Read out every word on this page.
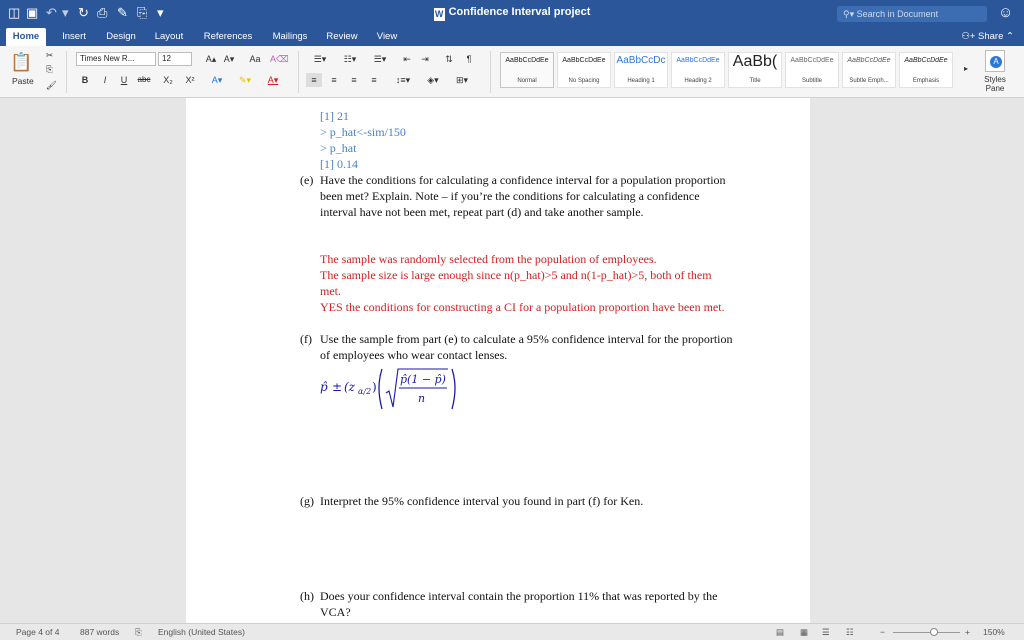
◫ ▣ ↶ ▾ ↻ ⎙ ✎ ⎘ ▾	W Confidence Interval project	⚲▾ Search in Document	☺
Home	Insert	Design	Layout	References	Mailings	Review	View	⚇+ Share ⌃
📋
Paste
✂
⎘
🖌
Times New R...	12	A▴ A▾	Aa	A⌫
B	I	U	abc	X₂	X²	A▾	✎▾	A▾
☰▾	☷▾	☰▾	⇤	⇥	⇅	¶
≡	≡	≡	≡	↕≡▾	◈▾	⊞▾
AaBbCcDdEe
Normal
AaBbCcDdEe
No Spacing
AaBbCcDc
Heading 1
AaBbCcDdEe
Heading 2
AaBb(
Title
AaBbCcDdEe
Subtitle
AaBbCcDdEe
Subtle Emph...
AaBbCcDdEe
Emphasis
▸
A
Styles Pane
[1] 21
> p_hat<-sim/150
> p_hat
[1] 0.14
(e) Have the conditions for calculating a confidence interval for a population proportion
been met? Explain. Note – if you’re the conditions for calculating a confidence
interval have not been met, repeat part (d) and take another sample.
The sample was randomly selected from the population of employees.
The sample size is large enough since n(p_hat)>5 and n(1-p_hat)>5, both of them
met.
YES the conditions for constructing a CI for a population proportion have been met.
(f) Use the sample from part (e) to calculate a 95% confidence interval for the proportion
of employees who wear contact lenses.
p̂ ± (z α/2 )
p̂(1 − p̂)
n
(g) Interpret the 95% confidence interval you found in part (f) for Ken.
(h) Does your confidence interval contain the proportion 11% that was reported by the
VCA?
Page 4 of 4 887 words ⎘ English (United States)	▤ ▦ ☰ ☷	−	+ 150%
